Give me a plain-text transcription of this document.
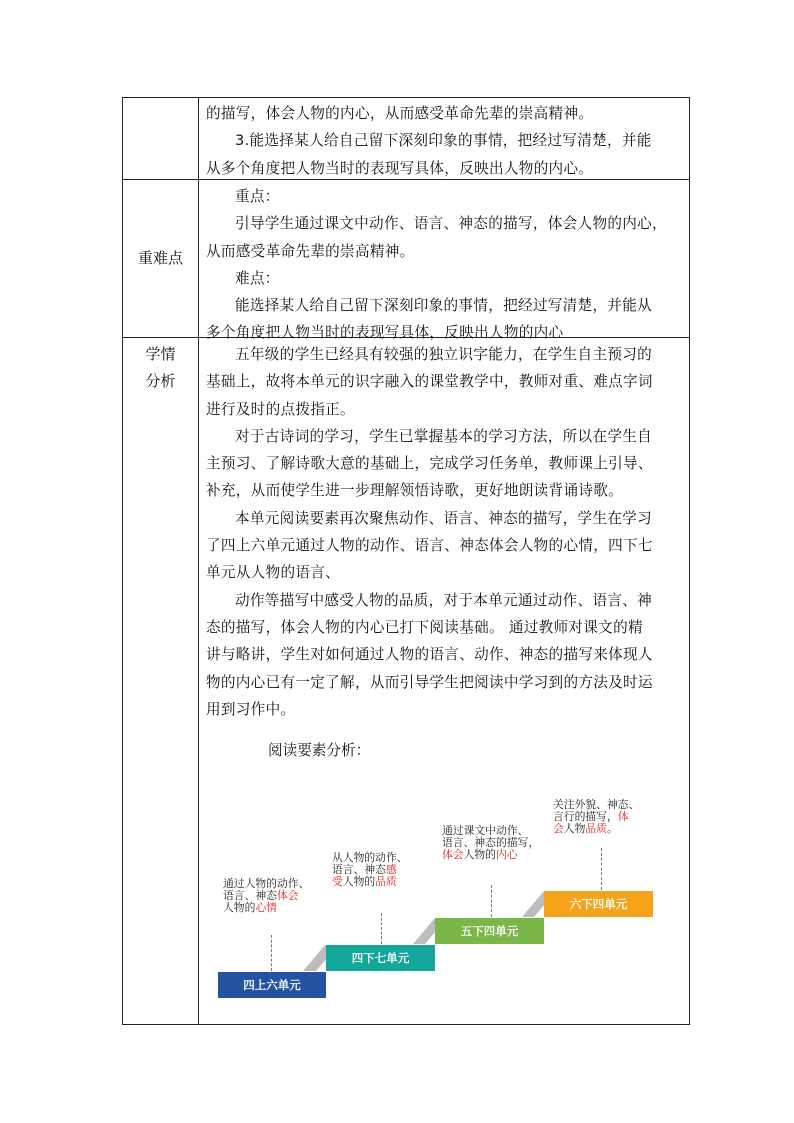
的描写，体会人物的内心，从而感受革命先辈的崇高精神。

3.能选择某人给自己留下深刻印象的事情，把经过写清楚，并能

从多个角度把人物当时的表现写具体，反映出人物的内心。

重难点

重点：

引导学生通过课文中动作、语言、神态的描写，体会人物的内心，

从而感受革命先辈的崇高精神。

难点：

能选择某人给自己留下深刻印象的事情，把经过写清楚，并能从

多个角度把人物当时的表现写具体，反映出人物的内心

学情
分析

五年级的学生已经具有较强的独立识字能力，在学生自主预习的

基础上，故将本单元的识字融入的课堂教学中，教师对重、难点字词

进行及时的点拨指正。

对于古诗词的学习，学生已掌握基本的学习方法，所以在学生自

主预习、了解诗歌大意的基础上，完成学习任务单，教师课上引导、

补充，从而使学生进一步理解领悟诗歌，更好地朗读背诵诗歌。

本单元阅读要素再次聚焦动作、语言、神态的描写，学生在学习

了四上六单元通过人物的动作、语言、神态体会人物的心情，四下七

单元从人物的语言、

动作等描写中感受人物的品质，对于本单元通过动作、语言、神

态的描写，体会人物的内心已打下阅读基础。 通过教师对课文的精

讲与略讲，学生对如何通过人物的语言、动作、神态的描写来体现人

物的内心已有一定了解，从而引导学生把阅读中学习到的方法及时运

用到习作中。

阅读要素分析：
四上六单元
四下七单元
五下四单元
六下四单元
通过人物的动作、
语言、神态体会
人物的心情
从人物的动作、
语言、神态感
受人物的品质
通过课文中动作、
语言、神态的描写，
体会人物的内心
关注外貌、神态、
言行的描写，体
会人物品质。
